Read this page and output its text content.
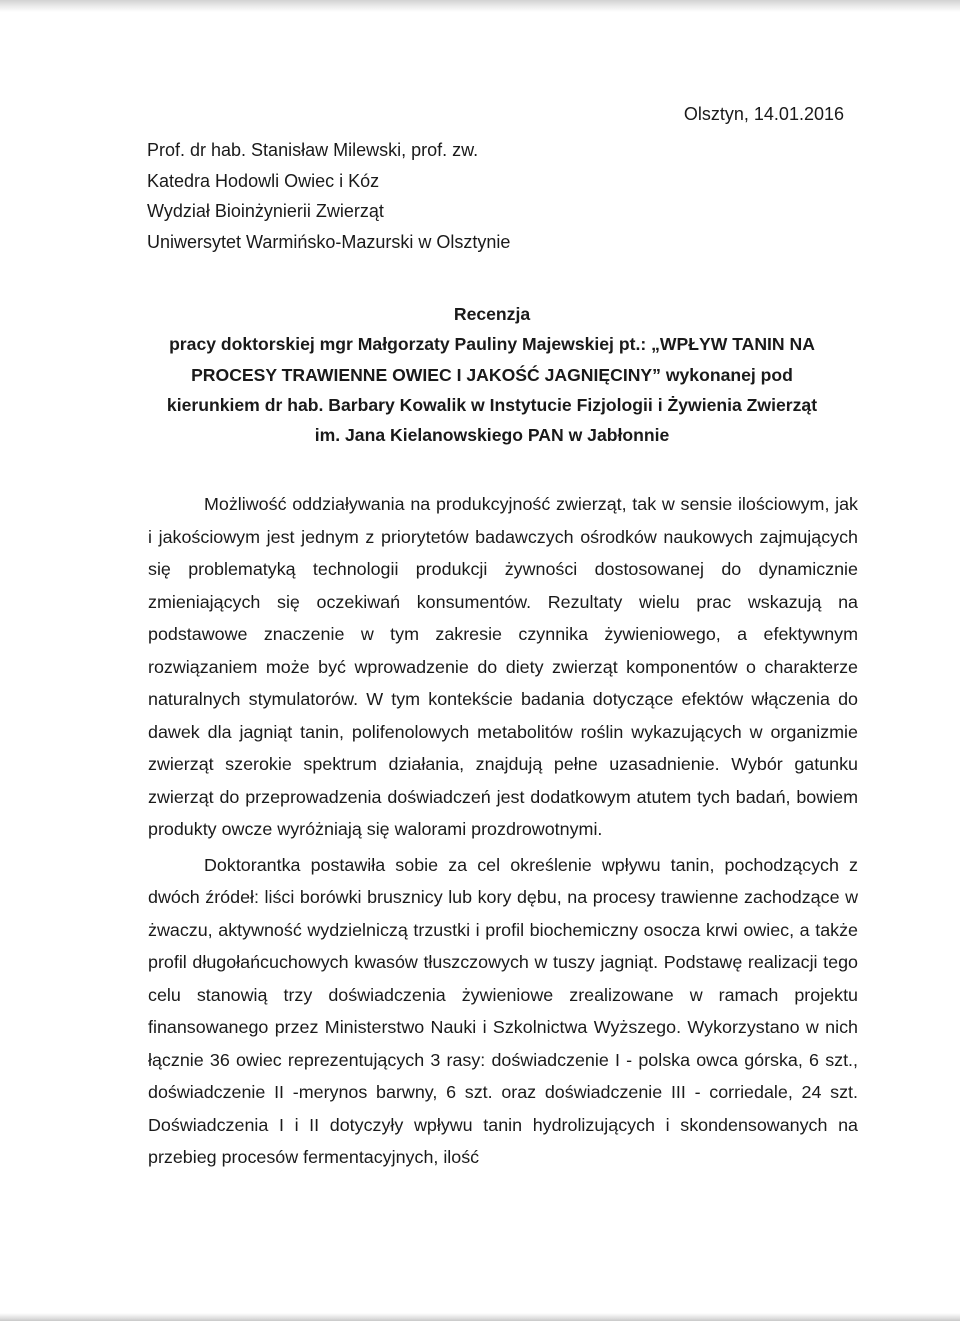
Olsztyn, 14.01.2016
Prof. dr hab. Stanisław Milewski, prof. zw.
Katedra Hodowli Owiec i Kóz
Wydział Bioinżynierii Zwierząt
Uniwersytet Warmińsko-Mazurski w Olsztynie
Recenzja
pracy doktorskiej mgr Małgorzaty Pauliny Majewskiej pt.: „WPŁYW TANIN NA
PROCESY TRAWIENNE OWIEC I JAKOŚĆ JAGNIĘCINY” wykonanej pod
kierunkiem dr hab. Barbary Kowalik w Instytucie Fizjologii i Żywienia Zwierząt
im. Jana Kielanowskiego PAN w Jabłonnie

Możliwość oddziaływania na produkcyjność zwierząt, tak w sensie ilościowym, jak i jakościowym jest jednym z priorytetów badawczych ośrodków naukowych zajmujących się problematyką technologii produkcji żywności dostosowanej do dynamicznie zmieniających się oczekiwań konsumentów. Rezultaty wielu prac wskazują na podstawowe znaczenie w tym zakresie czynnika żywieniowego, a efektywnym rozwiązaniem może być wprowadzenie do diety zwierząt komponentów o charakterze naturalnych stymulatorów. W tym kontekście badania dotyczące efektów włączenia do dawek dla jagniąt tanin, polifenolowych metabolitów roślin wykazujących w organizmie zwierząt szerokie spektrum działania, znajdują pełne uzasadnienie. Wybór gatunku zwierząt do przeprowadzenia doświadczeń jest dodatkowym atutem tych badań, bowiem produkty owcze wyróżniają się walorami prozdrowotnymi.

Doktorantka postawiła sobie za cel określenie wpływu tanin, pochodzących z dwóch źródeł: liści borówki brusznicy lub kory dębu, na procesy trawienne zachodzące w żwaczu, aktywność wydzielniczą trzustki i profil biochemiczny osocza krwi owiec, a także profil długołańcuchowych kwasów tłuszczowych w tuszy jagniąt. Podstawę realizacji tego celu stanowią trzy doświadczenia żywieniowe zrealizowane w ramach projektu finansowanego przez Ministerstwo Nauki i Szkolnictwa Wyższego. Wykorzystano w nich łącznie 36 owiec reprezentujących 3 rasy: doświadczenie I - polska owca górska, 6 szt., doświadczenie II -merynos barwny, 6 szt. oraz doświadczenie III - corriedale, 24 szt. Doświadczenia I i II dotyczyły wpływu tanin hydrolizujących i skondensowanych na przebieg procesów fermentacyjnych, ilość
